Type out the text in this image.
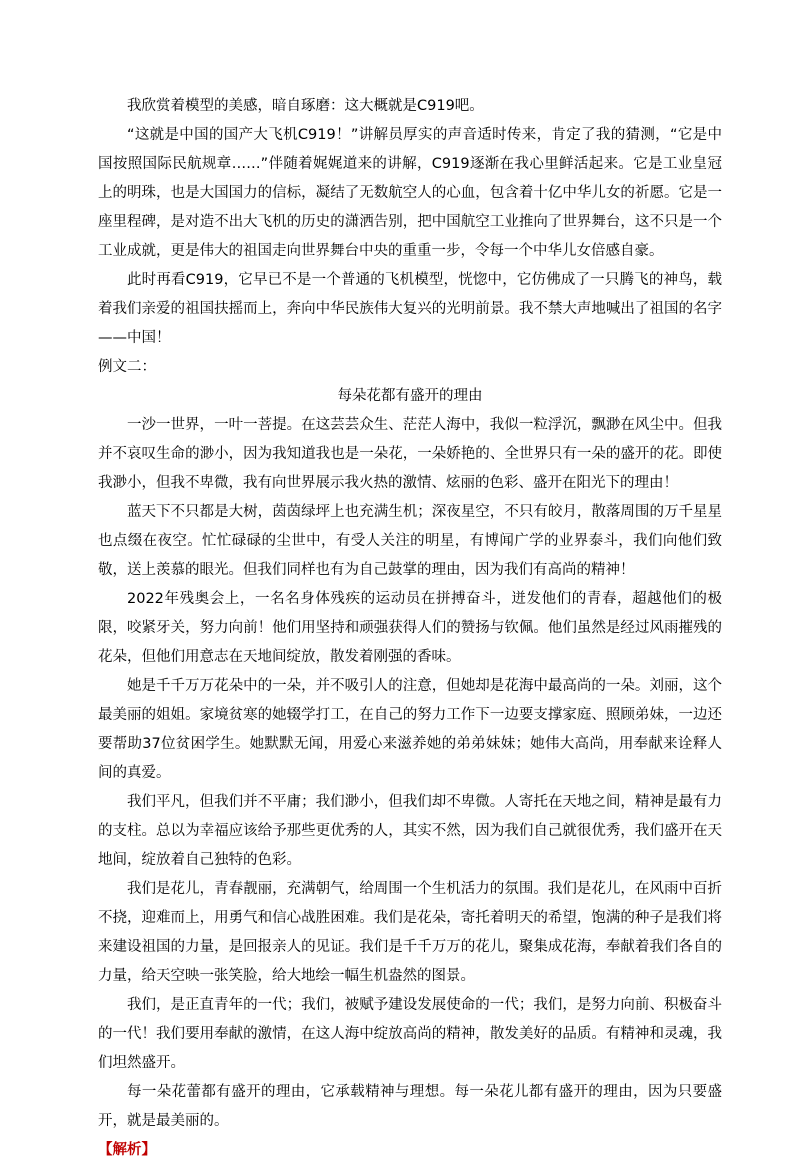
我欣赏着模型的美感，暗自琢磨：这大概就是C919吧。

“这就是中国的国产大飞机C919！”讲解员厚实的声音适时传来，肯定了我的猜测，“它是中国按照国际民航规章……”伴随着娓娓道来的讲解，C919逐渐在我心里鲜活起来。它是工业皇冠上的明珠，也是大国国力的信标，凝结了无数航空人的心血，包含着十亿中华儿女的祈愿。它是一座里程碑，是对造不出大飞机的历史的潇洒告别，把中国航空工业推向了世界舞台，这不只是一个工业成就，更是伟大的祖国走向世界舞台中央的重重一步，令每一个中华儿女倍感自豪。

此时再看C919，它早已不是一个普通的飞机模型，恍惚中，它仿佛成了一只腾飞的神鸟，载着我们亲爱的祖国扶摇而上，奔向中华民族伟大复兴的光明前景。我不禁大声地喊出了祖国的名字——中国！

例文二：

每朵花都有盛开的理由

一沙一世界，一叶一菩提。在这芸芸众生、茫茫人海中，我似一粒浮沉，飘渺在风尘中。但我并不哀叹生命的渺小，因为我知道我也是一朵花，一朵娇艳的、全世界只有一朵的盛开的花。即使我渺小，但我不卑微，我有向世界展示我火热的激情、炫丽的色彩、盛开在阳光下的理由！

蓝天下不只都是大树，茵茵绿坪上也充满生机；深夜星空，不只有皎月，散落周围的万千星星也点缀在夜空。忙忙碌碌的尘世中，有受人关注的明星，有博闻广学的业界泰斗，我们向他们致敬，送上羡慕的眼光。但我们同样也有为自己鼓掌的理由，因为我们有高尚的精神！

2022年残奥会上，一名名身体残疾的运动员在拼搏奋斗，迸发他们的青春，超越他们的极限，咬紧牙关，努力向前！他们用坚持和顽强获得人们的赞扬与钦佩。他们虽然是经过风雨摧残的花朵，但他们用意志在天地间绽放，散发着刚强的香味。

她是千千万万花朵中的一朵，并不吸引人的注意，但她却是花海中最高尚的一朵。刘丽，这个最美丽的姐姐。家境贫寒的她辍学打工，在自己的努力工作下一边要支撑家庭、照顾弟妹，一边还要帮助37位贫困学生。她默默无闻，用爱心来滋养她的弟弟妹妹；她伟大高尚，用奉献来诠释人间的真爱。

我们平凡，但我们并不平庸；我们渺小，但我们却不卑微。人寄托在天地之间，精神是最有力的支柱。总以为幸福应该给予那些更优秀的人，其实不然，因为我们自己就很优秀，我们盛开在天地间，绽放着自己独特的色彩。

我们是花儿，青春靓丽，充满朝气，给周围一个生机活力的氛围。我们是花儿，在风雨中百折不挠，迎难而上，用勇气和信心战胜困难。我们是花朵，寄托着明天的希望，饱满的种子是我们将来建设祖国的力量，是回报亲人的见证。我们是千千万万的花儿，聚集成花海，奉献着我们各自的力量，给天空映一张笑脸，给大地绘一幅生机盎然的图景。

我们，是正直青年的一代；我们，被赋予建设发展使命的一代；我们，是努力向前、积极奋斗的一代！我们要用奉献的激情，在这人海中绽放高尚的精神，散发美好的品质。有精神和灵魂，我们坦然盛开。

每一朵花蕾都有盛开的理由，它承载精神与理想。每一朵花儿都有盛开的理由，因为只要盛开，就是最美丽的。

【解析】
